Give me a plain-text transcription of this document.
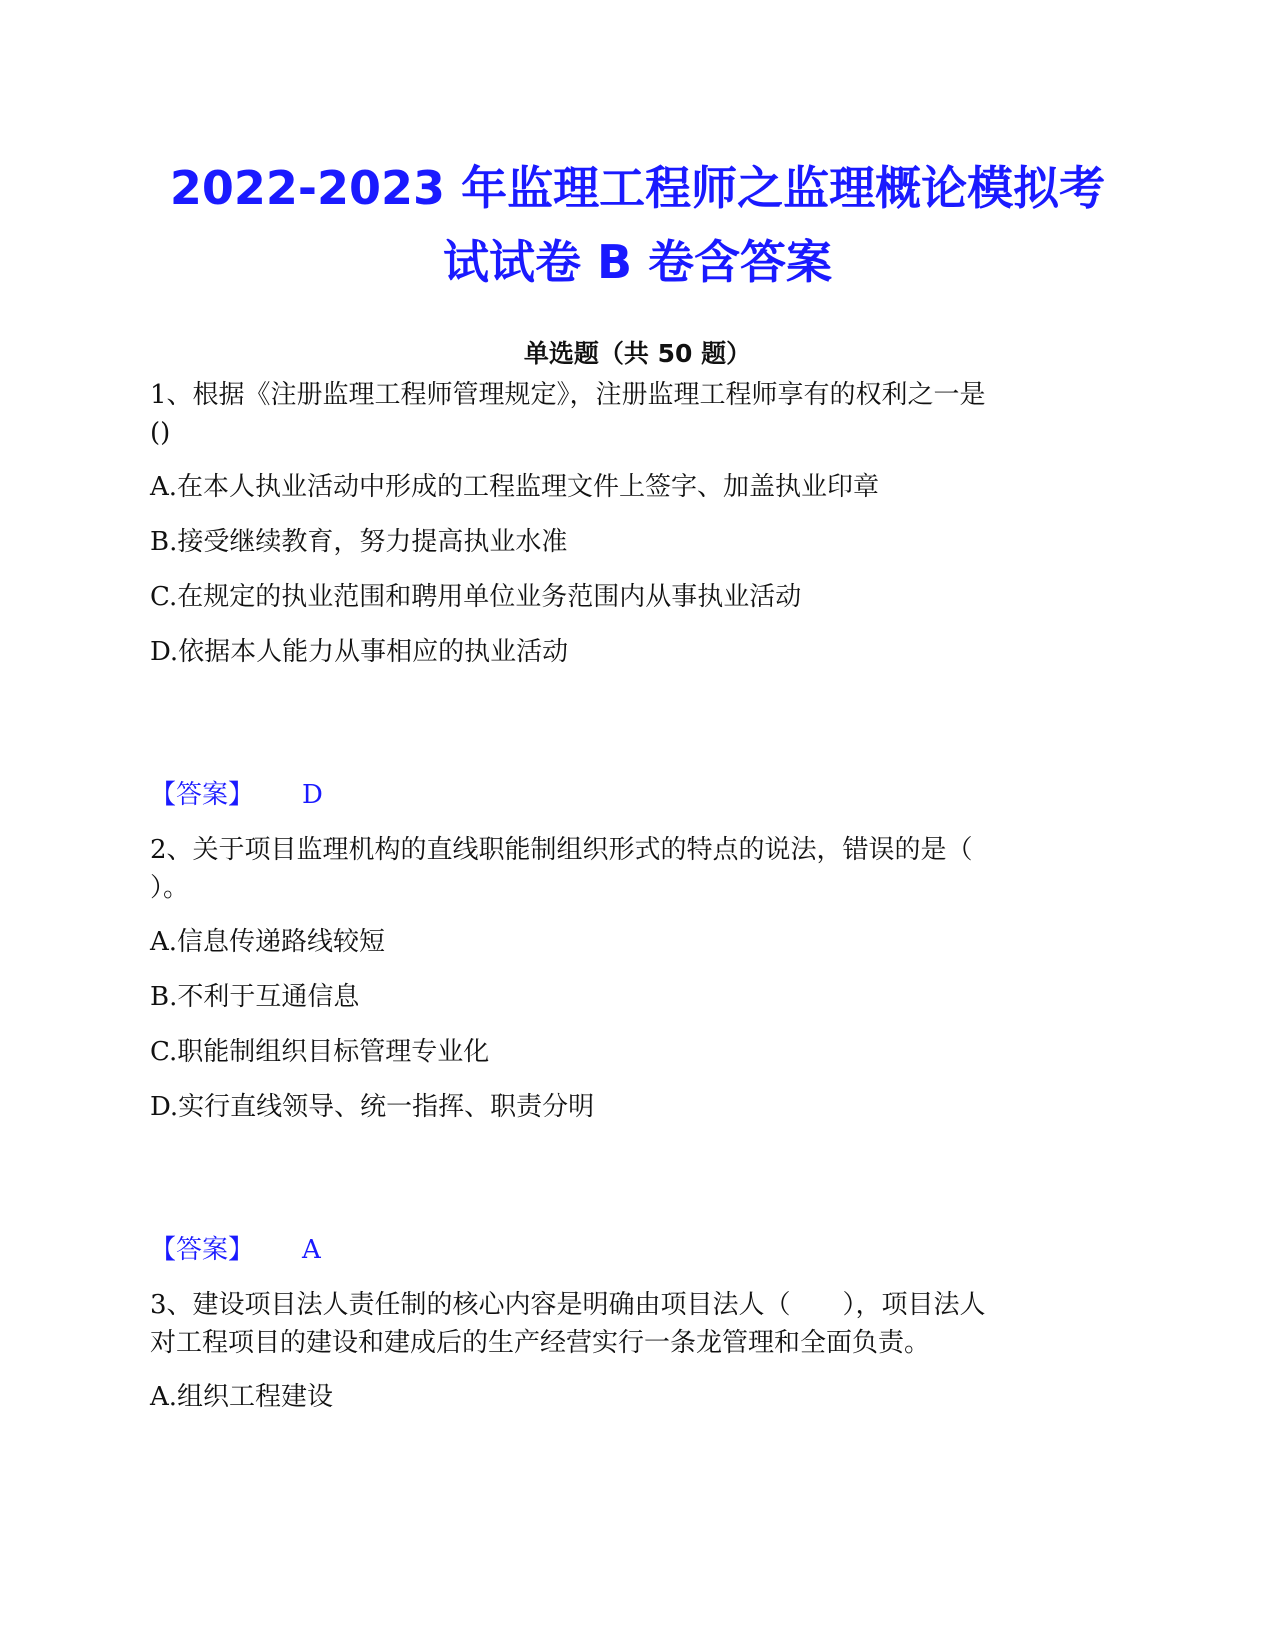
2022-2023 年监理工程师之监理概论模拟考
试试卷 B 卷含答案
单选题（共 50 题）

1、根据《注册监理工程师管理规定》，注册监理工程师享有的权利之一是

()

A.在本人执业活动中形成的工程监理文件上签字、加盖执业印章

B.接受继续教育，努力提高执业水准

C.在规定的执业范围和聘用单位业务范围内从事执业活动

D.依据本人能力从事相应的执业活动

【答案】 D

2、关于项目监理机构的直线职能制组织形式的特点的说法，错误的是（

）。

A.信息传递路线较短

B.不利于互通信息

C.职能制组织目标管理专业化

D.实行直线领导、统一指挥、职责分明

【答案】 A

3、建设项目法人责任制的核心内容是明确由项目法人（　　），项目法人

对工程项目的建设和建成后的生产经营实行一条龙管理和全面负责。

A.组织工程建设
